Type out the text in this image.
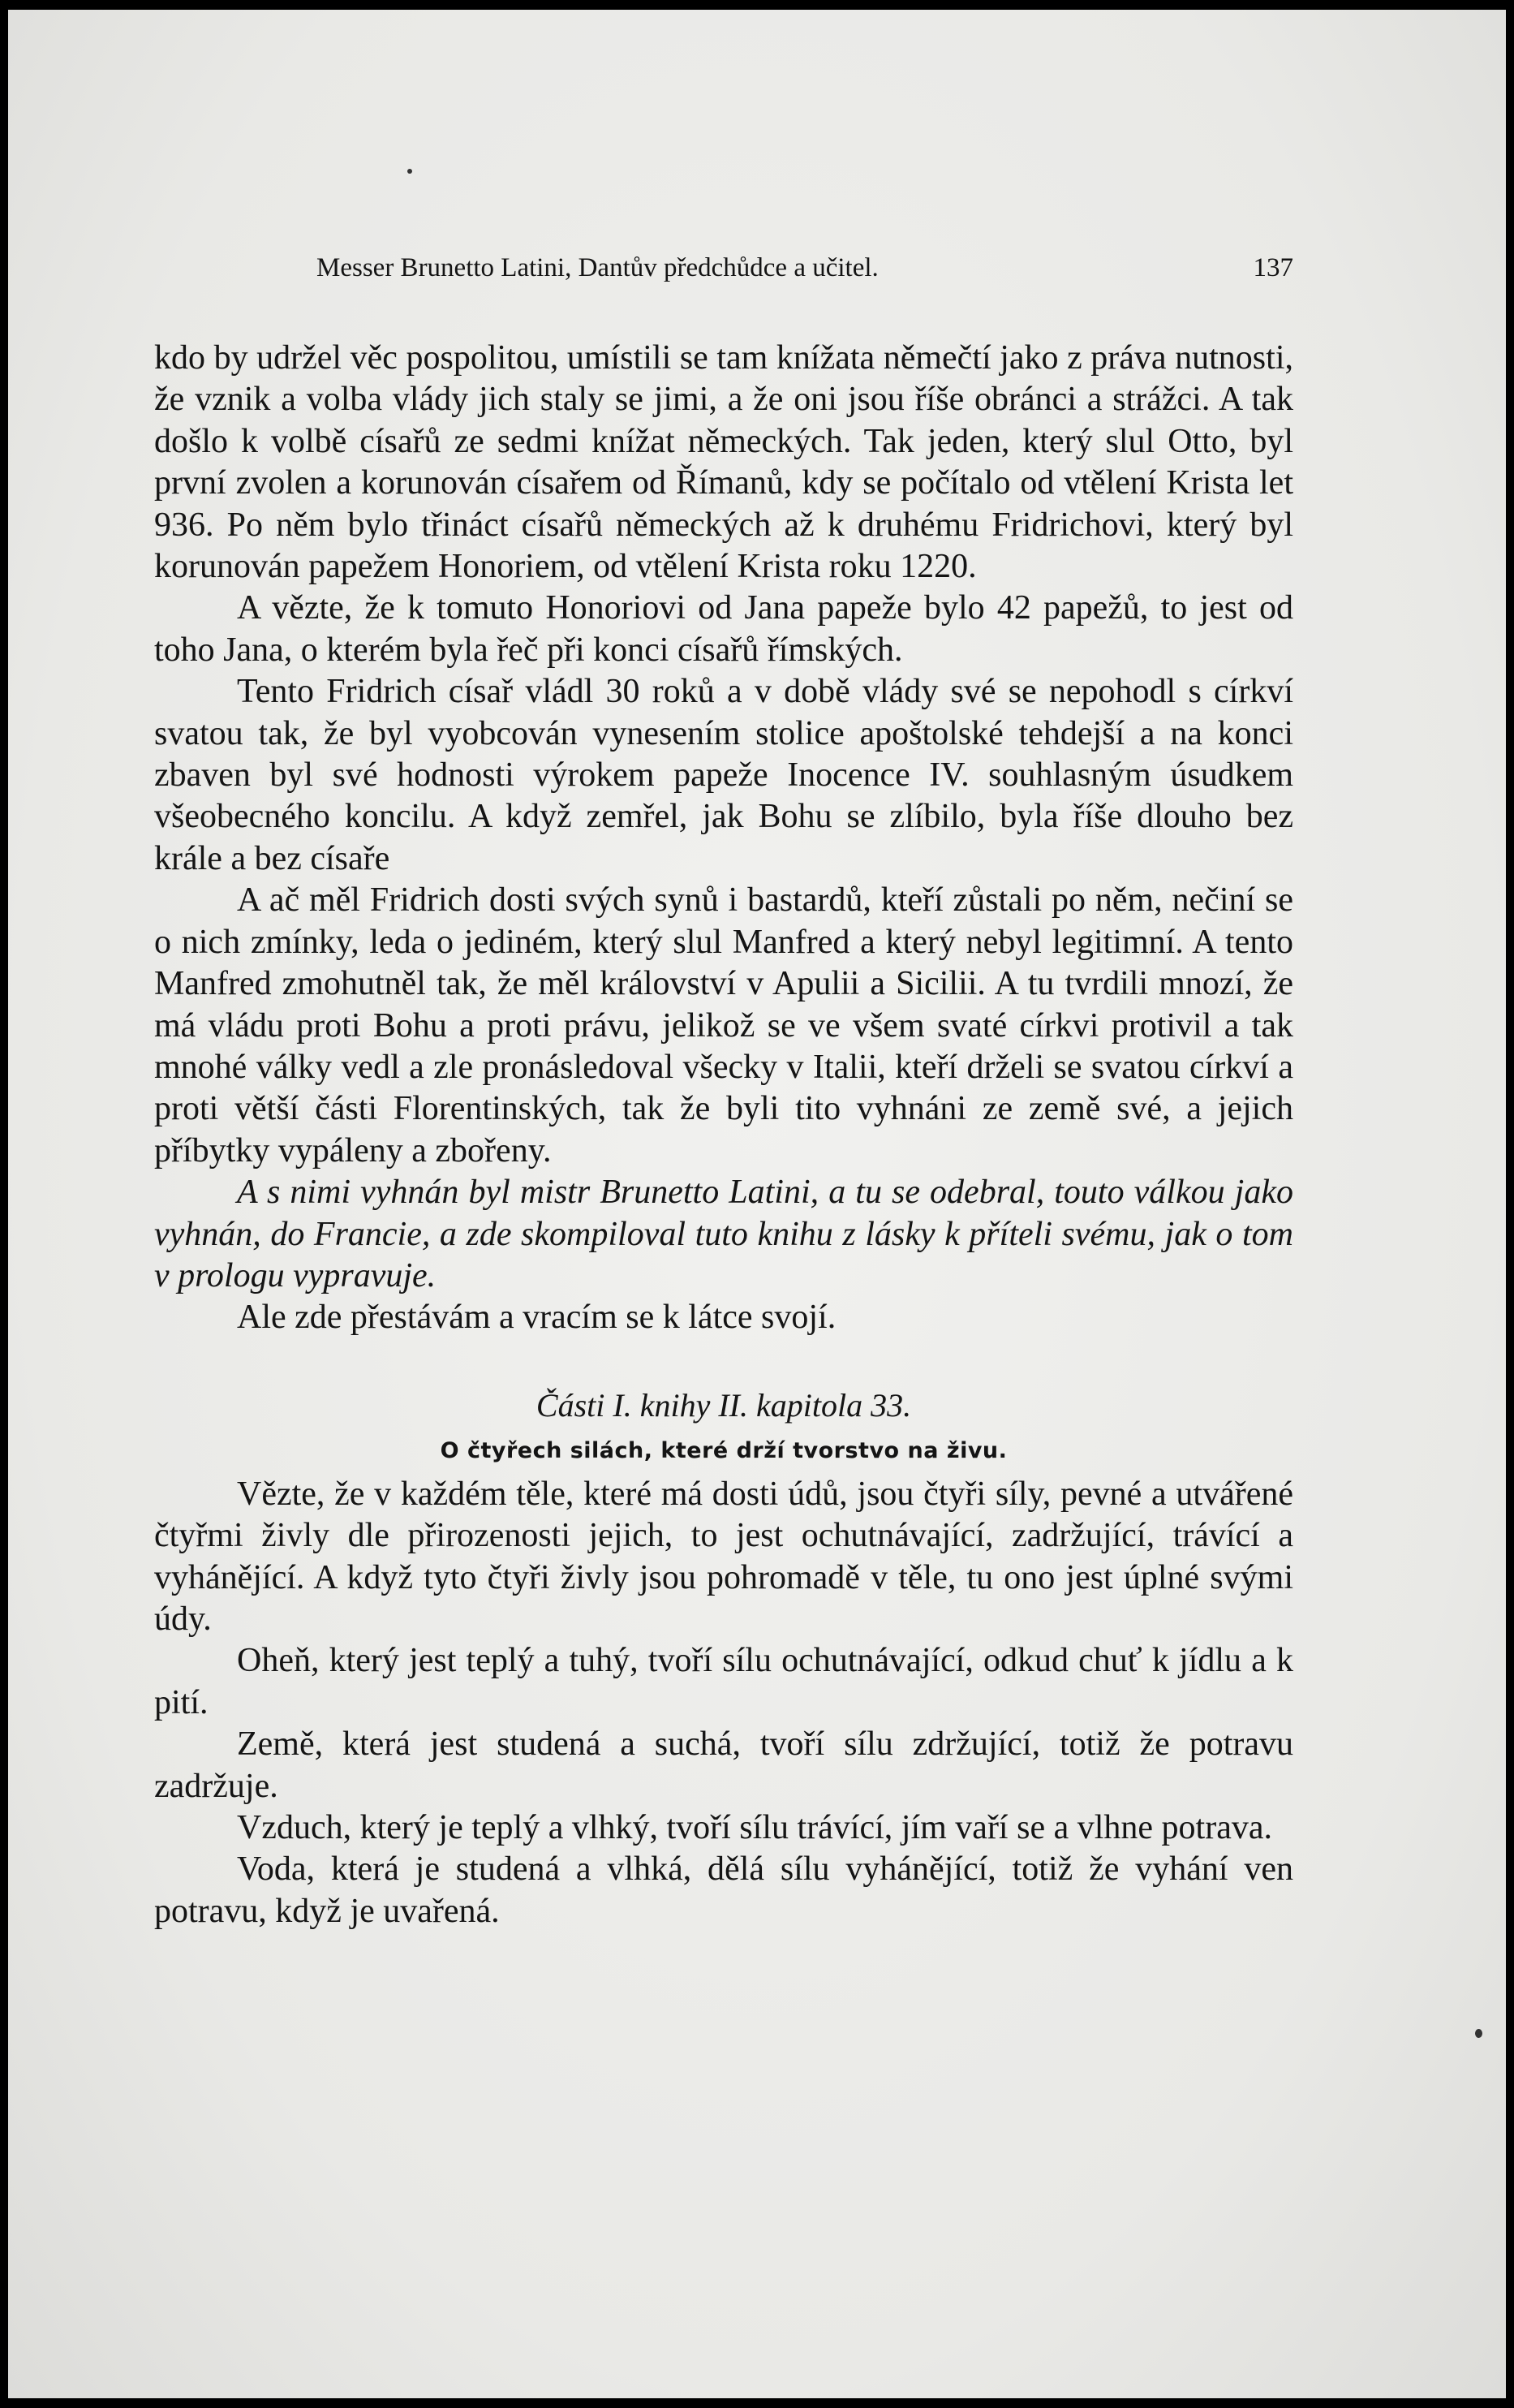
Messer Brunetto Latini, Dantův předchůdce a učitel.	137

kdo by udržel věc pospolitou, umístili se tam knížata němečtí jako z práva nutnosti, že vznik a volba vlády jich staly se jimi, a že oni jsou říše obránci a strážci. A tak došlo k volbě císařů ze sedmi knížat německých. Tak jeden, který slul Otto, byl první zvolen a korunován císařem od Římanů, kdy se počítalo od vtělení Krista let 936. Po něm bylo třináct císařů německých až k druhému Fridrichovi, který byl korunován papežem Honoriem, od vtělení Krista roku 1220.

A vězte, že k tomuto Honoriovi od Jana papeže bylo 42 papežů, to jest od toho Jana, o kterém byla řeč při konci císařů římských.

Tento Fridrich císař vládl 30 roků a v době vlády své se nepohodl s církví svatou tak, že byl vyobcován vynesením stolice apoštolské tehdejší a na konci zbaven byl své hodnosti výrokem papeže Inocence IV. souhlasným úsudkem všeobecného koncilu. A když zemřel, jak Bohu se zlíbilo, byla říše dlouho bez krále a bez císaře

A ač měl Fridrich dosti svých synů i bastardů, kteří zůstali po něm, nečiní se o nich zmínky, leda o jediném, který slul Manfred a který nebyl legitimní. A tento Manfred zmohutněl tak, že měl království v Apulii a Sicilii. A tu tvrdili mnozí, že má vládu proti Bohu a proti právu, jelikož se ve všem svaté církvi protivil a tak mnohé války vedl a zle pronásledoval všecky v Italii, kteří drželi se svatou církví a proti větší části Florentinských, tak že byli tito vyhnáni ze země své, a jejich příbytky vypáleny a zbořeny.

A s nimi vyhnán byl mistr Brunetto Latini, a tu se odebral, touto válkou jako vyhnán, do Francie, a zde skompiloval tuto knihu z lásky k příteli svému, jak o tom v prologu vypravuje.

Ale zde přestávám a vracím se k látce svojí.

Části I. knihy II. kapitola 33.
O čtyřech silách, které drží tvorstvo na živu.

Vězte, že v každém těle, které má dosti údů, jsou čtyři síly, pevné a utvářené čtyřmi živly dle přirozenosti jejich, to jest ochutnávající, zadržující, trávící a vyhánějící. A když tyto čtyři živly jsou pohromadě v těle, tu ono jest úplné svými údy.

Oheň, který jest teplý a tuhý, tvoří sílu ochutnávající, odkud chuť k jídlu a k pití.

Země, která jest studená a suchá, tvoří sílu zdržující, totiž že potravu zadržuje.

Vzduch, který je teplý a vlhký, tvoří sílu trávící, jím vaří se a vlhne potrava.

Voda, která je studená a vlhká, dělá sílu vyhánějící, totiž že vyhání ven potravu, když je uvařená.
